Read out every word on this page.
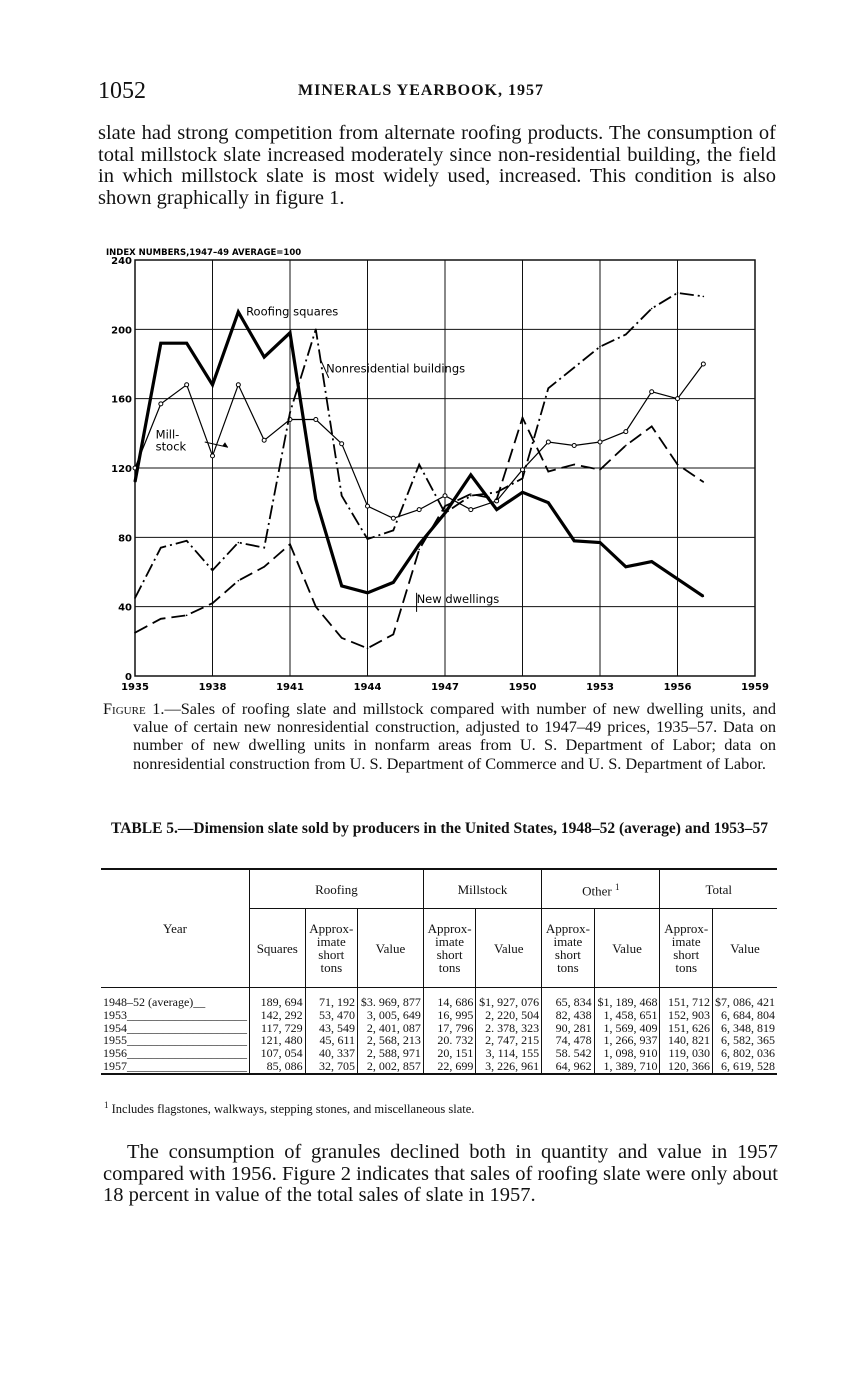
1052	MINERALS YEARBOOK, 1957

slate had strong competition from alternate roofing products. The consumption of total millstock slate increased moderately since non-residential building, the field in which millstock slate is most widely used, increased. This condition is also shown graphically in figure 1.

0
40
80
120
160
200
240
1935	1938	1941	1944	1947	1950	1953	1956	1959
INDEX NUMBERS,1947–49 AVERAGE=100
Roofing squares
Nonresidential buildings
Mill-
stock
New dwellings

Figure 1.—Sales of roofing slate and millstock compared with number of new dwelling units, and value of certain new nonresidential construction, adjusted to 1947–49 prices, 1935–57. Data on number of new dwelling units in nonfarm areas from U. S. Department of Labor; data on nonresidential construction from U. S. Department of Commerce and U. S. Department of Labor.

TABLE 5.—Dimension slate sold by producers in the United States, 1948–52 (average) and 1953–57

Year	Roofing			Millstock		Other $^1$		Total	
	Squares	Approx-
imate
short
tons	Value	Approx-
imate
short
tons	Value	Approx-
imate
short
tons	Value	Approx-
imate
short
tons	Value

1948–52 (average)__	189, 694	71, 192	$3. 969, 877	14, 686	$1, 927, 076	65, 834	$1, 189, 468	151, 712	$7, 086, 421
1953____________________	142, 292	53, 470	3, 005, 649	16, 995	2, 220, 504	82, 438	1, 458, 651	152, 903	6, 684, 804
1954____________________	117, 729	43, 549	2, 401, 087	17, 796	2. 378, 323	90, 281	1, 569, 409	151, 626	6, 348, 819
1955____________________	121, 480	45, 611	2, 568, 213	20. 732	2, 747, 215	74, 478	1, 266, 937	140, 821	6, 582, 365
1956____________________	107, 054	40, 337	2, 588, 971	20, 151	3, 114, 155	58. 542	1, 098, 910	119, 030	6, 802, 036
1957____________________	85, 086	32, 705	2, 002, 857	22, 699	3, 226, 961	64, 962	1, 389, 710	120, 366	6, 619, 528
$^1$ Includes flagstones, walkways, stepping stones, and miscellaneous slate.

The consumption of granules declined both in quantity and value in 1957 compared with 1956. Figure 2 indicates that sales of roofing slate were only about 18 percent in value of the total sales of slate in 1957.
